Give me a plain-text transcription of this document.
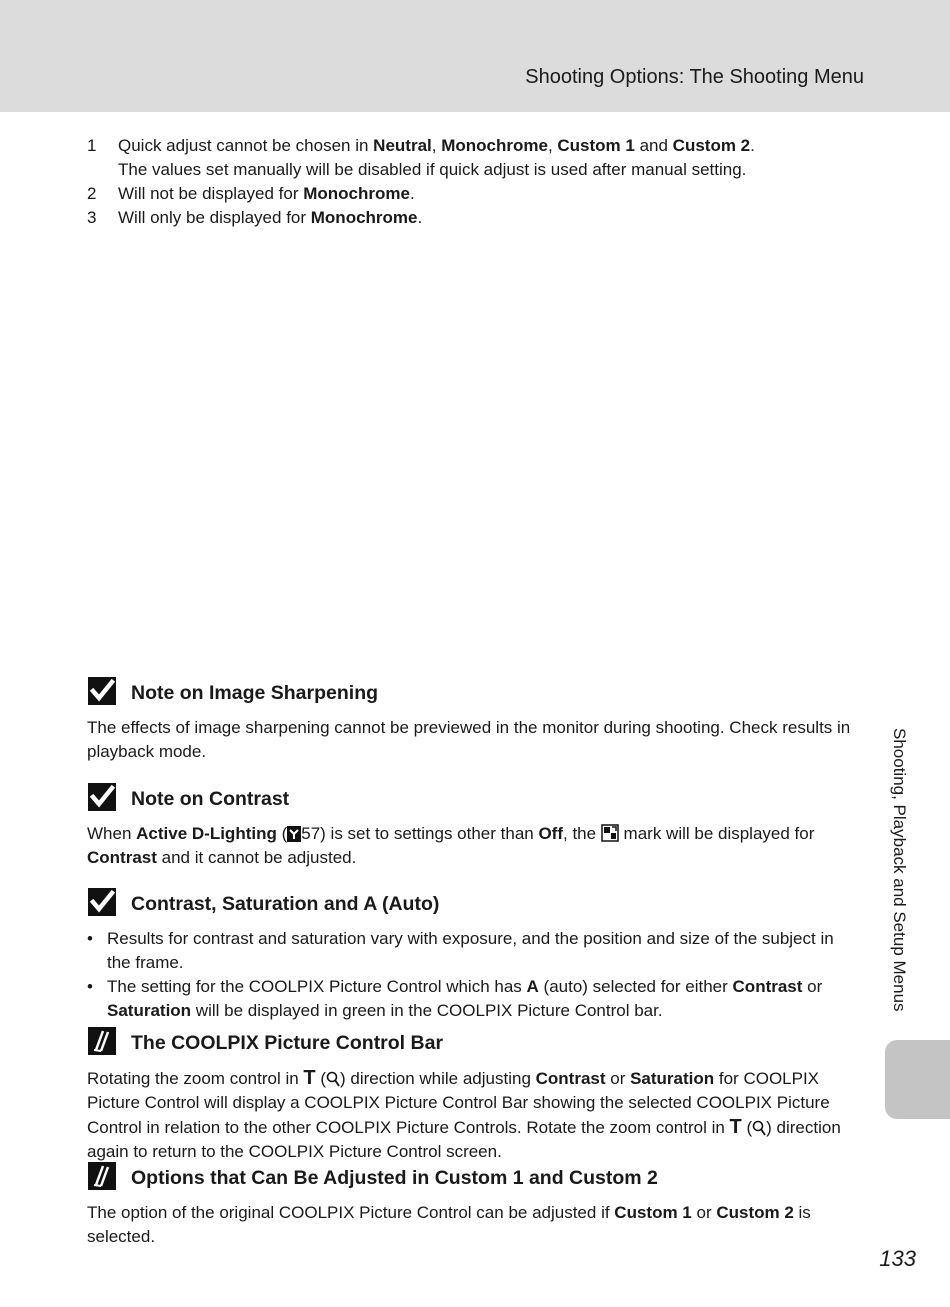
Shooting Options: The Shooting Menu
1 Quick adjust cannot be chosen in Neutral, Monochrome, Custom 1 and Custom 2.
The values set manually will be disabled if quick adjust is used after manual setting.
2 Will not be displayed for Monochrome.
3 Will only be displayed for Monochrome.
Note on Image Sharpening
The effects of image sharpening cannot be previewed in the monitor during shooting. Check results in playback mode.
Note on Contrast
When Active D-Lighting ( 57) is set to settings other than Off, the  mark will be displayed for Contrast and it cannot be adjusted.
Contrast, Saturation and A (Auto)
• Results for contrast and saturation vary with exposure, and the position and size of the subject in the frame.
• The setting for the COOLPIX Picture Control which has A (auto) selected for either Contrast or Saturation will be displayed in green in the COOLPIX Picture Control bar.
The COOLPIX Picture Control Bar
Rotating the zoom control in T ( ) direction while adjusting Contrast or Saturation for COOLPIX Picture Control will display a COOLPIX Picture Control Bar showing the selected COOLPIX Picture Control in relation to the other COOLPIX Picture Controls. Rotate the zoom control in T ( ) direction again to return to the COOLPIX Picture Control screen.
Options that Can Be Adjusted in Custom 1 and Custom 2
The option of the original COOLPIX Picture Control can be adjusted if Custom 1 or Custom 2 is selected.
Shooting, Playback and Setup Menus
133
